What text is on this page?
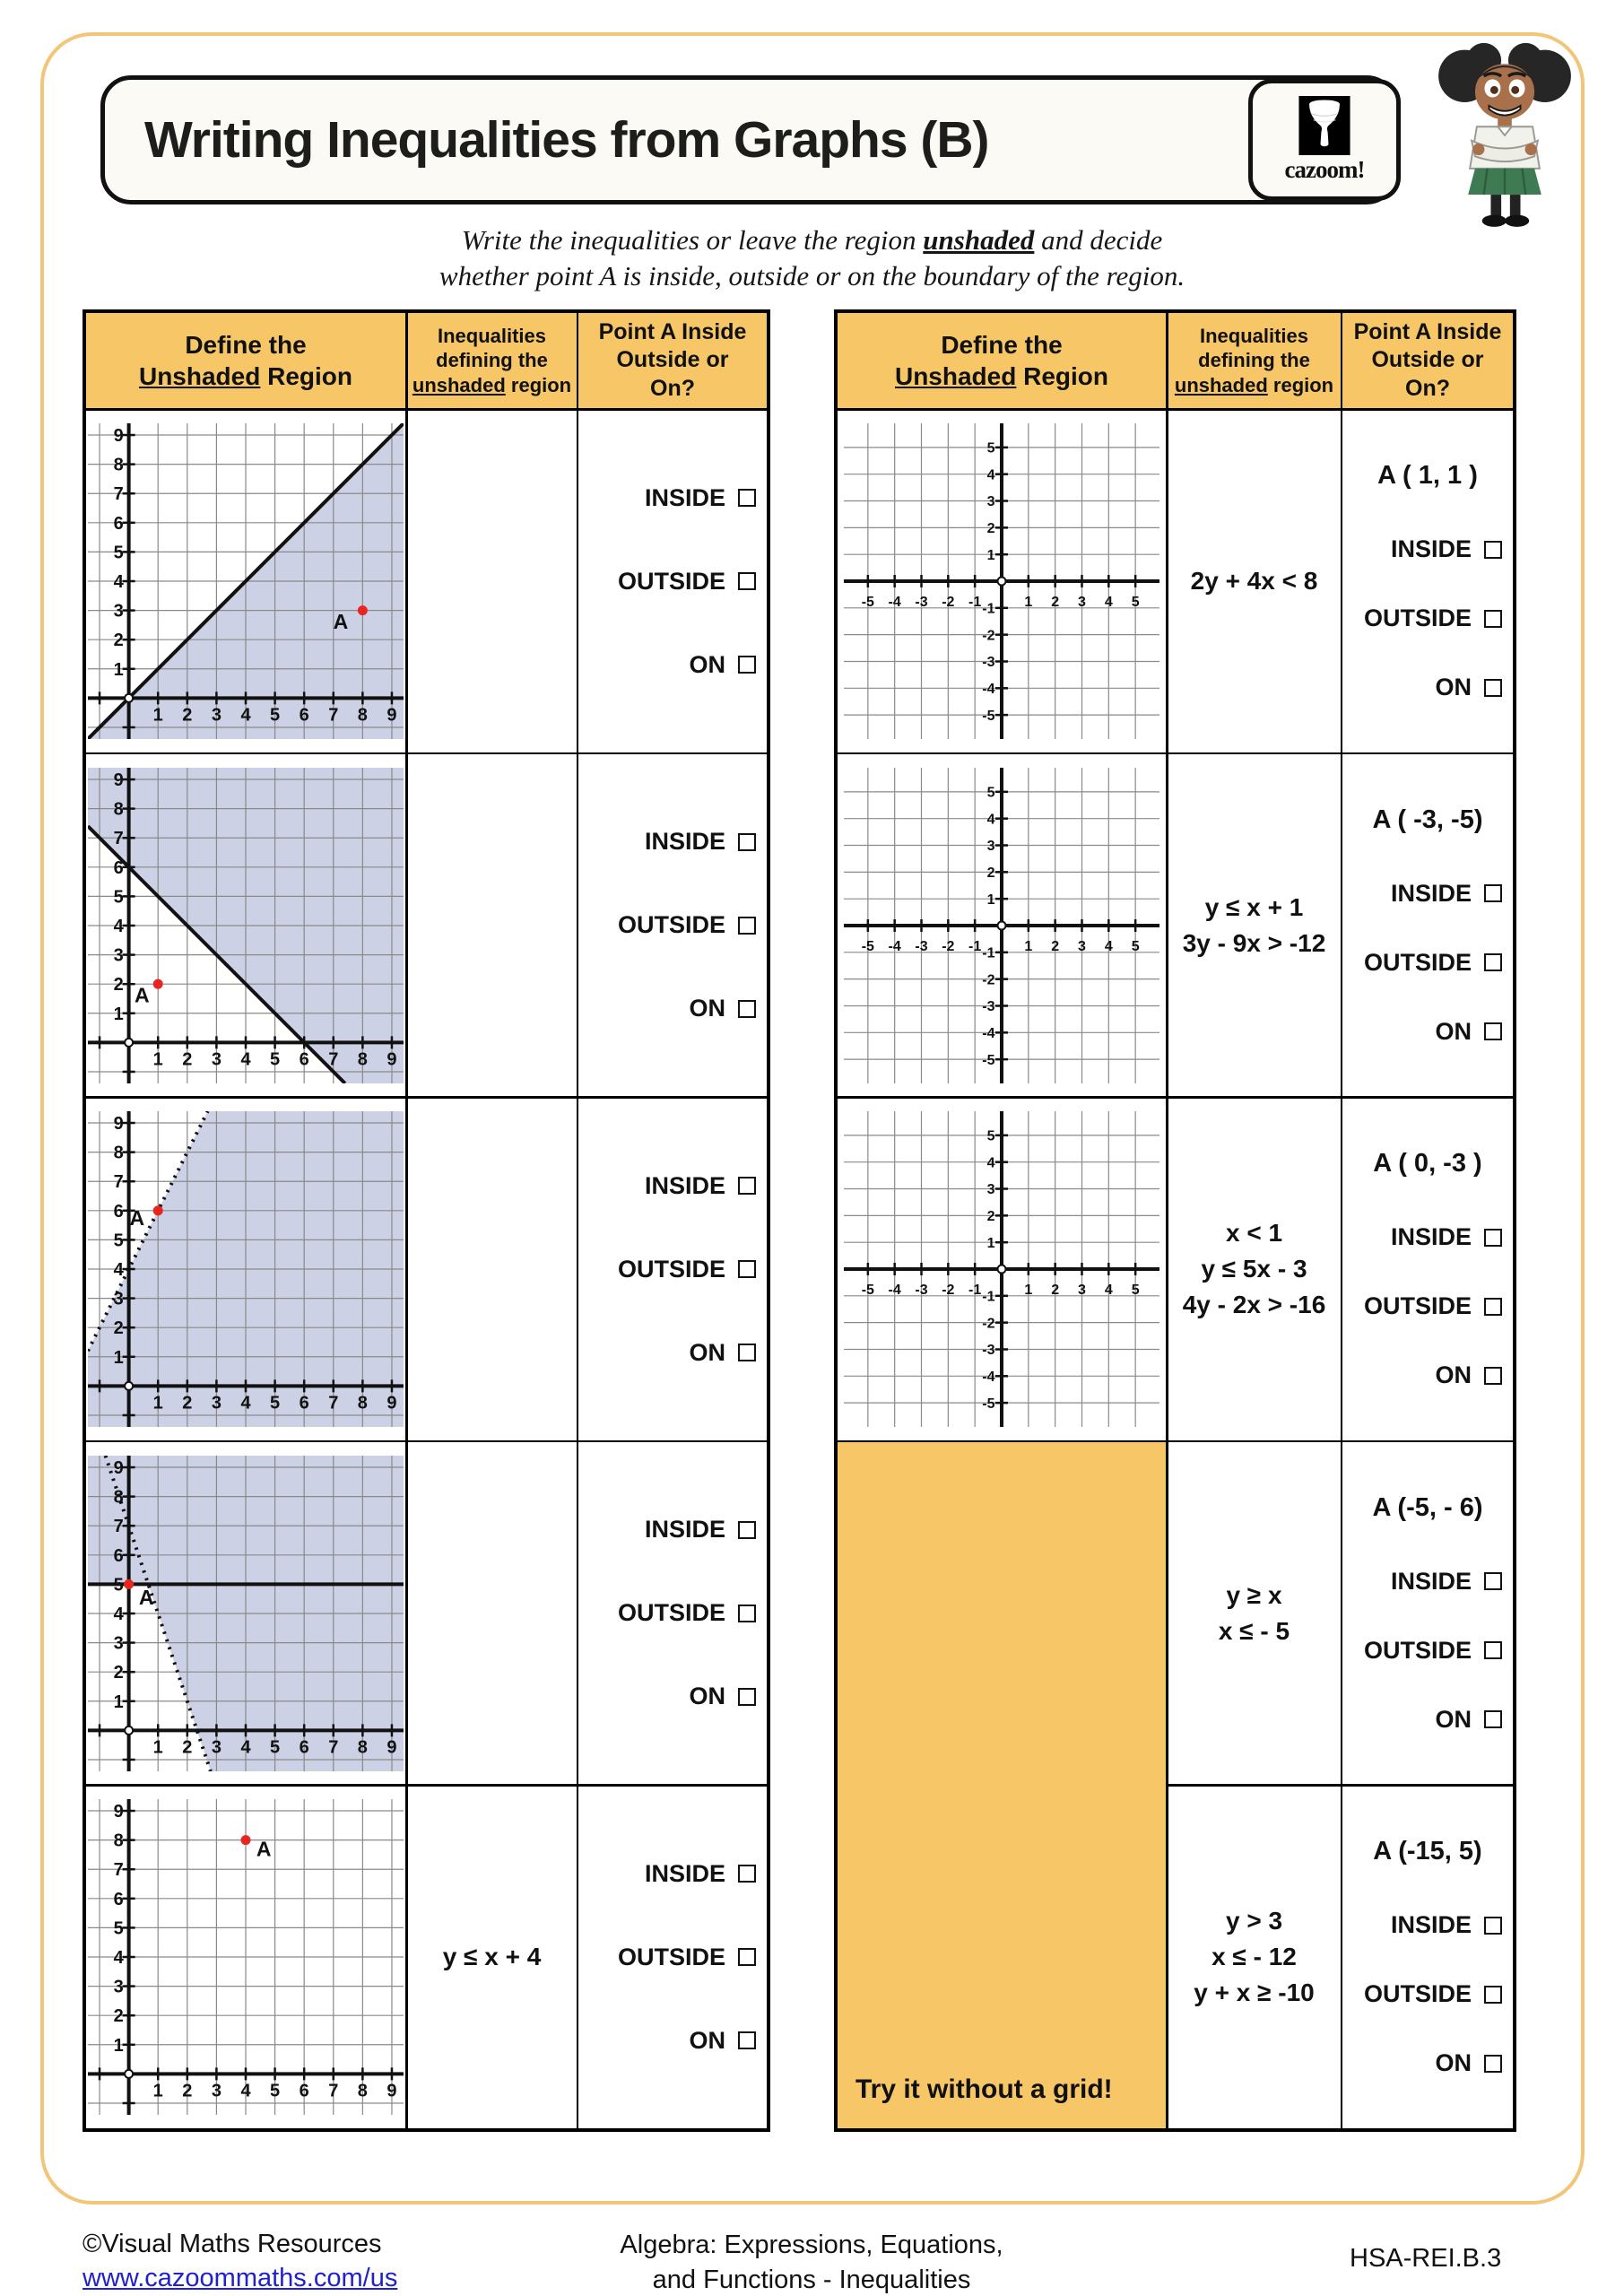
Writing Inequalities from Graphs (B)
cazoom!
Write the inequalities or leave the region unshaded and decide
whether point A is inside, outside or on the boundary of the region.
Define the
Unshaded Region
Inequalities
defining the
unshaded region
Point A Inside
Outside or
On?
1
1
2
2
3
3
4
4
5
5
6
6
7
7
8
8
9
9
A
INSIDE
OUTSIDE
ON
1
1
2
2
3
3
4
4
5
5
6
6
7
7
8
8
9
9
A
INSIDE
OUTSIDE
ON
1
1
2
2
3
3
4
4
5
5
6
6
7
7
8
8
9
9
A
INSIDE
OUTSIDE
ON
1
1
2
2
3
3
4
4
5
5
6
6
7
7
8
8
9
9
A
INSIDE
OUTSIDE
ON
1
1
2
2
3
3
4
4
5
5
6
6
7
7
8
8
9
9
A
y ≤ x + 4
INSIDE
OUTSIDE
ON
Define the
Unshaded Region
Inequalities
defining the
unshaded region
Point A Inside
Outside or
On?
-5
-5
-4
-4
-3
-3
-2
-2
-1 -1 1
1
2
2
3
3
4
4
5
5
2y + 4x < 8
A ( 1, 1 )
INSIDE
OUTSIDE
ON
-5
-5
-4
-4
-3
-3
-2
-2
-1 -1 1
1
2
2
3
3
4
4
5
5
y ≤ x + 1
3y - 9x > -12
A ( -3, -5)
INSIDE
OUTSIDE
ON
-5
-5
-4
-4
-3
-3
-2
-2
-1 -1 1
1
2
2
3
3
4
4
5
5
x < 1
y ≤ 5x - 3
4y - 2x > -16
A ( 0, -3 )
INSIDE
OUTSIDE
ON
Try it without a grid!
y ≥ x
x ≤ - 5
A (-5, - 6)
INSIDE
OUTSIDE
ON
y > 3
x ≤ - 12
y + x ≥ -10
A (-15, 5)
INSIDE
OUTSIDE
ON
©Visual Maths Resources
www.cazoommaths.com/us
Algebra: Expressions, Equations,
and Functions - Inequalities
HSA-REI.B.3
